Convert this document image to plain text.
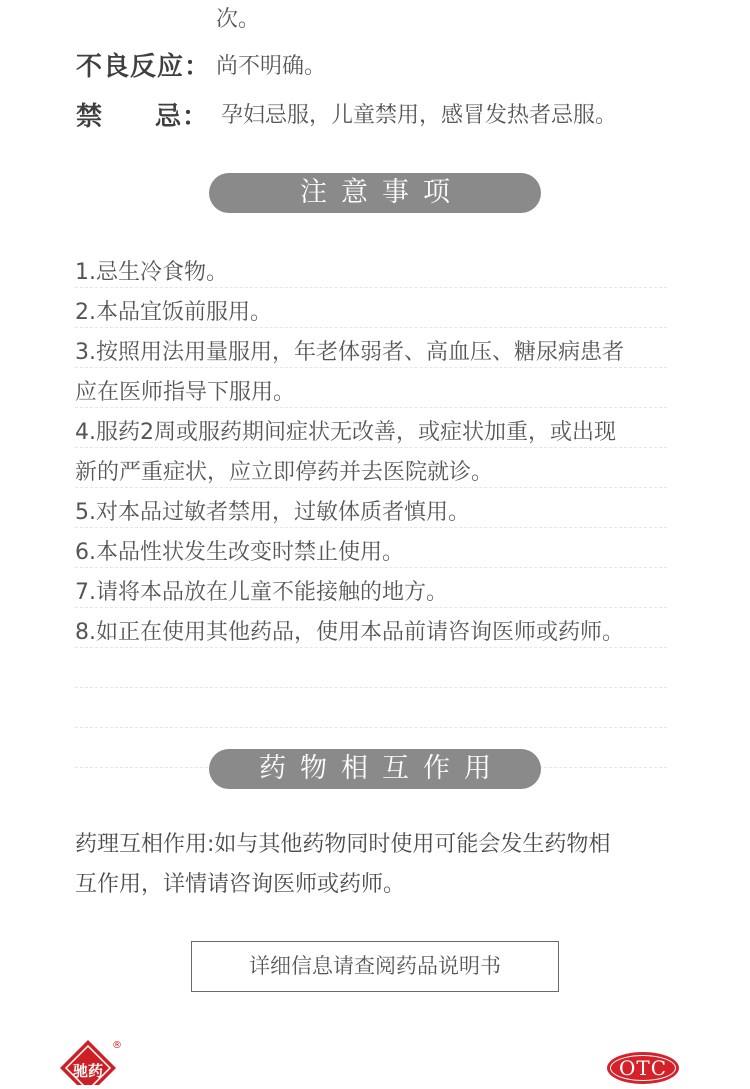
次。
不良反应： 尚不明确。
禁 忌： 孕妇忌服，儿童禁用，感冒发热者忌服。
注意事项
1.忌生冷食物。
2.本品宜饭前服用。
3.按照用法用量服用，年老体弱者、高血压、糖尿病患者
应在医师指导下服用。
4.服药2周或服药期间症状无改善，或症状加重，或出现
新的严重症状，应立即停药并去医院就诊。
5.对本品过敏者禁用，过敏体质者慎用。
6.本品性状发生改变时禁止使用。
7.请将本品放在儿童不能接触的地方。
8.如正在使用其他药品，使用本品前请咨询医师或药师。
药物相互作用
药理互相作用:如与其他药物同时使用可能会发生药物相
互作用，详情请咨询医师或药师。
详细信息请查阅药品说明书
驰药
®
OTC
